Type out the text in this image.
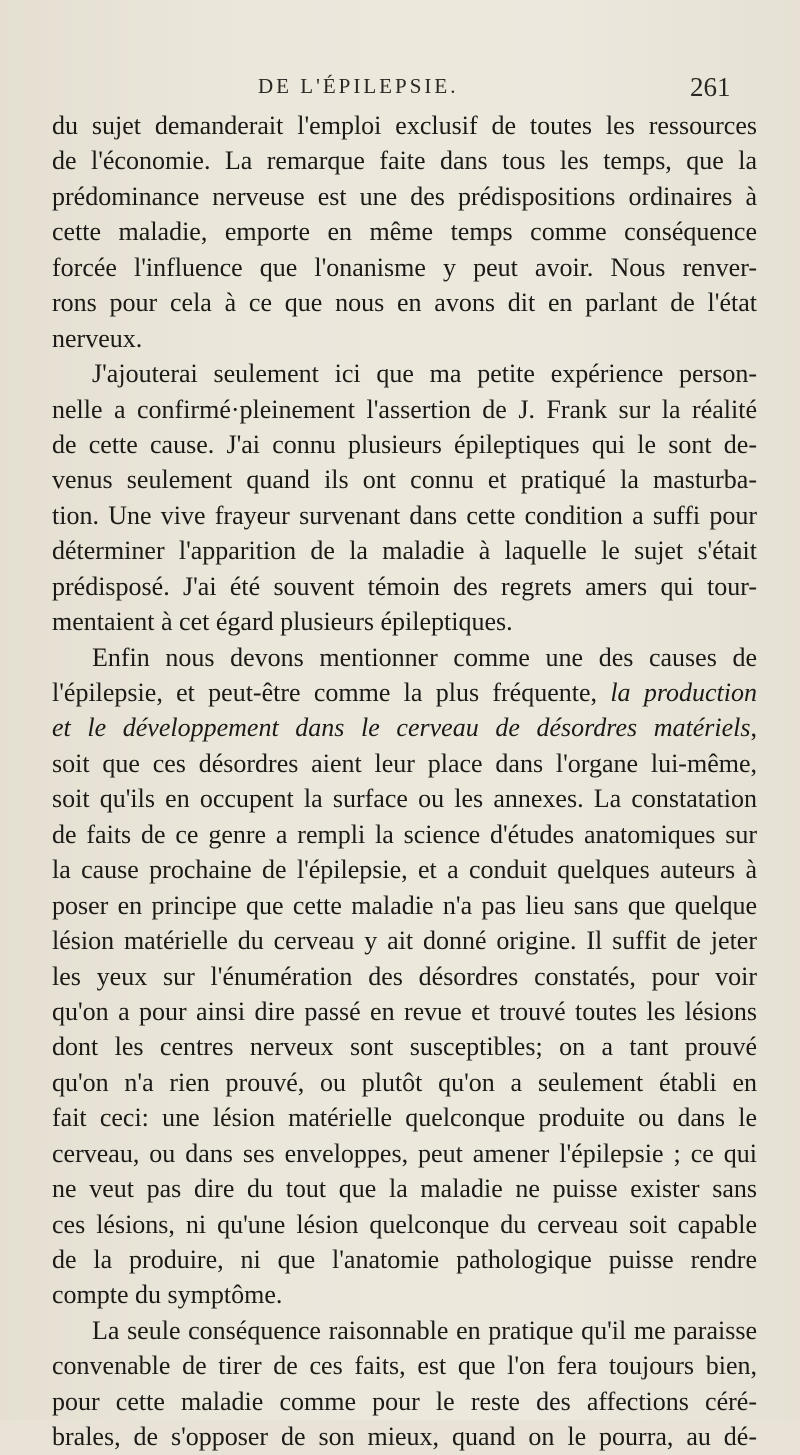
DE L'ÉPILEPSIE.	261
du sujet demanderait l'emploi exclusif de toutes les ressources
de l'économie. La remarque faite dans tous les temps, que la
prédominance nerveuse est une des prédispositions ordinaires à
cette maladie, emporte en même temps comme conséquence
forcée l'influence que l'onanisme y peut avoir. Nous renver-
rons pour cela à ce que nous en avons dit en parlant de l'état
nerveux.
J'ajouterai seulement ici que ma petite expérience person-
nelle a confirmé·pleinement l'assertion de J. Frank sur la réalité
de cette cause. J'ai connu plusieurs épileptiques qui le sont de-
venus seulement quand ils ont connu et pratiqué la masturba-
tion. Une vive frayeur survenant dans cette condition a suffi pour
déterminer l'apparition de la maladie à laquelle le sujet s'était
prédisposé. J'ai été souvent témoin des regrets amers qui tour-
mentaient à cet égard plusieurs épileptiques.
Enfin nous devons mentionner comme une des causes de
l'épilepsie, et peut-être comme la plus fréquente, la production
et le développement dans le cerveau de désordres matériels,
soit que ces désordres aient leur place dans l'organe lui-même,
soit qu'ils en occupent la surface ou les annexes. La constatation
de faits de ce genre a rempli la science d'études anatomiques sur
la cause prochaine de l'épilepsie, et a conduit quelques auteurs à
poser en principe que cette maladie n'a pas lieu sans que quelque
lésion matérielle du cerveau y ait donné origine. Il suffit de jeter
les yeux sur l'énumération des désordres constatés, pour voir
qu'on a pour ainsi dire passé en revue et trouvé toutes les lésions
dont les centres nerveux sont susceptibles; on a tant prouvé
qu'on n'a rien prouvé, ou plutôt qu'on a seulement établi en
fait ceci: une lésion matérielle quelconque produite ou dans le
cerveau, ou dans ses enveloppes, peut amener l'épilepsie ; ce qui
ne veut pas dire du tout que la maladie ne puisse exister sans
ces lésions, ni qu'une lésion quelconque du cerveau soit capable
de la produire, ni que l'anatomie pathologique puisse rendre
compte du symptôme.
La seule conséquence raisonnable en pratique qu'il me paraisse
convenable de tirer de ces faits, est que l'on fera toujours bien,
pour cette maladie comme pour le reste des affections céré-
brales, de s'opposer de son mieux, quand on le pourra, au dé-
